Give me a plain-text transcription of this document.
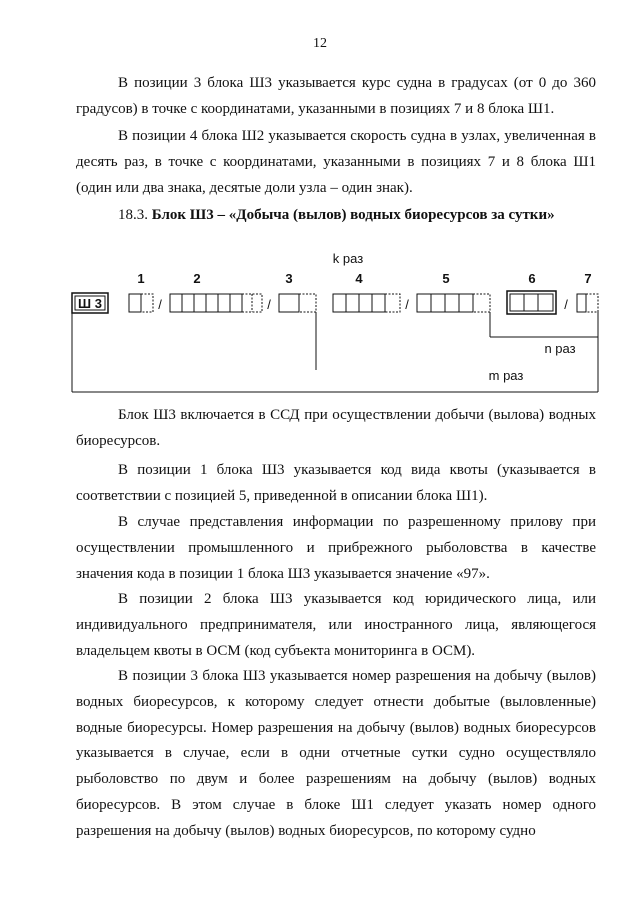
12

В позиции 3 блока Ш3 указывается курс судна в градусах (от 0 до 360 градусов) в точке с координатами, указанными в позициях 7 и 8 блока Ш1.

В позиции 4 блока Ш2 указывается скорость судна в узлах, увеличенная в десять раз, в точке с координатами, указанными в позициях 7 и 8 блока Ш1 (один или два знака, десятые доли узла – один знак).

18.3. Блок Ш3 – «Добыча (вылов) водных биоресурсов за сутки»

k раз
1	2	3	4	5	6	7
Ш 3	/	/	/	/
n раз
m раз

Блок Ш3 включается в ССД при осуществлении добычи (вылова) водных биоресурсов.

В позиции 1 блока Ш3 указывается код вида квоты (указывается в соответствии с позицией 5, приведенной в описании блока Ш1).

В случае представления информации по разрешенному прилову при осуществлении промышленного и прибрежного рыболовства в качестве значения кода в позиции 1 блока Ш3 указывается значение «97».

В позиции 2 блока Ш3 указывается код юридического лица, или индивидуального предпринимателя, или иностранного лица, являющегося владельцем квоты в ОСМ (код субъекта мониторинга в ОСМ).

В позиции 3 блока Ш3 указывается номер разрешения на добычу (вылов) водных биоресурсов, к которому следует отнести добытые (выловленные) водные биоресурсы. Номер разрешения на добычу (вылов) водных биоресурсов указывается в случае, если в одни отчетные сутки судно осуществляло рыболовство по двум и более разрешениям на добычу (вылов) водных биоресурсов. В этом случае в блоке Ш1 следует указать номер одного разрешения на добычу (вылов) водных биоресурсов, по которому судно
